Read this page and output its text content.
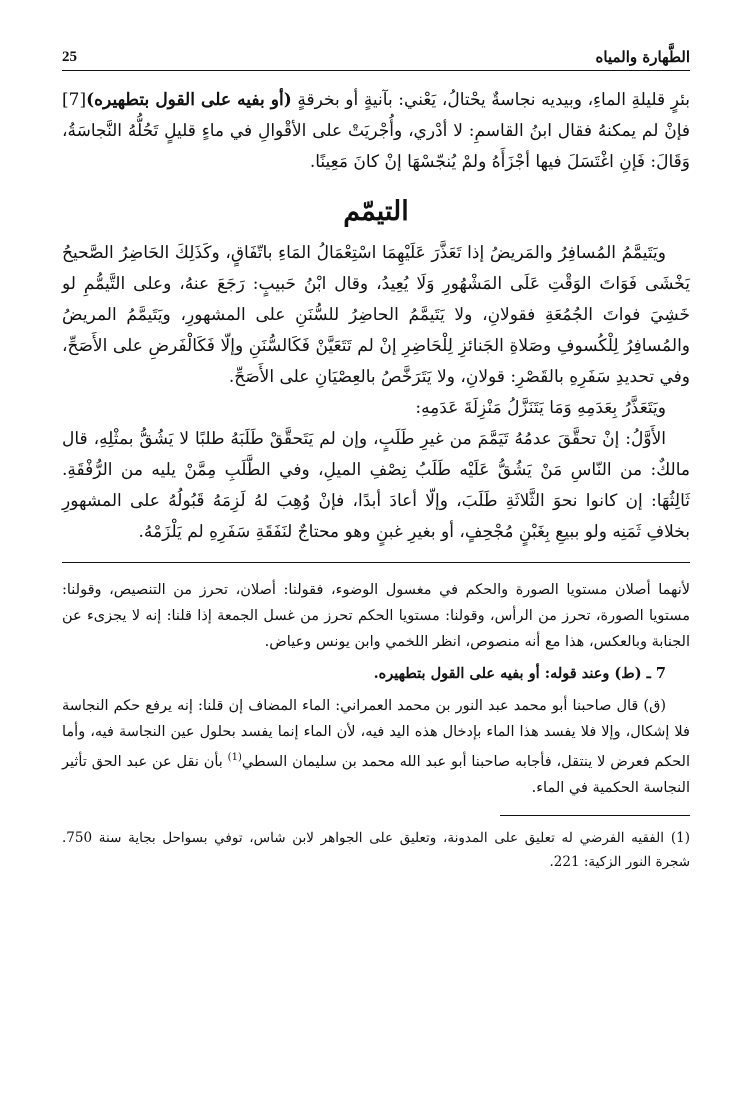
الطَّهارة والمياه
25

بئرٍ قليلةِ الماءِ، وبيديه نجاسةٌ يحْتالُ، يَعْني: بآنيةٍ أو بخرقةٍ (أو بفيه على القول بتطهيره)[7] فإنْ لم يمكنهُ فقال ابنُ القاسمِ: لا أدْري، وأُجْريَتْ على الأقْوالِ في ماءٍ قليلٍ تَحُلُّهُ النَّجاسَةُ، وَقَالَ: فَإنِ اغْتَسَلَ فيها أجْزَأَهُ ولمْ يُنجّسْهَا إنْ كانَ مَعِينًا.

التيمّم

ويَتَيمَّمُ المُسافِرُ والمَريضُ إذا تَعَذَّرَ عَلَيْهِمَا اسْتِعْمَالُ المَاءِ باتّفَاقٍ، وكَذَلِكَ الحَاضِرُ الصَّحيحُ يَخْشَى فَوَاتَ الوَقْتِ عَلَى المَشْهُورِ وَلَا يُعِيدُ، وقال ابْنُ حَبيبٍ: رَجَعَ عنهُ، وعلى التَّيمُّمِ لو خَشِيَ فواتَ الجُمُعَةِ فقولانِ، ولا يَتَيمَّمُ الحاضِرُ للسُّنَنِ على المشهورِ، ويَتَيمَّمُ المريضُ والمُسافِرُ لِلْكُسوفِ وصَلاةِ الجَنائزِ لِلْحَاضِرِ إنْ لم تَتَعَيَّنْ فَكَالسُّنَنِ وإلّا فَكَالْفَرضِ على الأَصَحِّ، وفي تحديدِ سَفَرِهِ بالقَصْرِ: قولانِ، ولا يَتَرَخَّصُ بالعِصْيَانِ على الأَصَحِّ.

ويَتَعَذَّرُ بِعَدَمِهِ وَمَا يَتَنَزَّلُ مَنْزِلَةَ عَدَمِهِ:

الأَوَّلُ: إنْ تحقَّقَ عدمُهُ تَيَمَّمَ من غيرِ طَلَبٍ، وإن لم يَتَحقَّقْ طَلَبَهُ طلبًا لا يَشُقُّ بمثْلِهِ، قال مالكٌ: من النّاسِ مَنْ يَشُقُّ عَلَيْه طَلَبُ نِصْفِ الميلِ، وفي الطَّلَبِ مِمَّنْ يليه من الرُّفْقَةِ. ثَالِثُهَا: إن كانوا نحوَ الثَّلاثَةِ طَلَبَ، وإلّا أعادَ أبدًا، فإنْ وُهِبَ لهُ لَزِمَهُ قَبُولُهُ على المشهورِ بخلافِ ثَمَنِه ولو ببيعِ بِغَبْنٍ مُجْحِفٍ، أو بغيرِ غبنٍ وهو محتاجٌ لنَفَقَةِ سَفَرِهِ لم يَلْزَمْهُ.

لأنهما أصلان مستويا الصورة والحكم في مغسول الوضوء، فقولنا: أصلان، تحرز من التنصيص، وقولنا: مستويا الصورة، تحرز من الرأس، وقولنا: مستويا الحكم تحرز من غسل الجمعة إذا قلنا: إنه لا يجزىء عن الجنابة وبالعكس، هذا مع أنه منصوص، انظر اللخمي وابن يونس وعياض.

7 ـ (ط) وعند قوله: أو بفيه على القول بتطهيره.

(ق) قال صاحبنا أبو محمد عبد النور بن محمد العمراني: الماء المضاف إن قلنا: إنه يرفع حكم النجاسة فلا إشكال، وإلا فلا يفسد هذا الماء بإدخال هذه اليد فيه، لأن الماء إنما يفسد بحلول عين النجاسة فيه، وأما الحكم فعرض لا ينتقل، فأجابه صاحبنا أبو عبد الله محمد بن سليمان السطي$^{(1)}$ بأن نقل عن عبد الحق تأثير النجاسة الحكمية في الماء.

(1)الفقيه الفرضي له تعليق على المدونة، وتعليق على الجواهر لابن شاس، توفي بسواحل بجاية سنة 750. شجرة النور الزكية: 221.
